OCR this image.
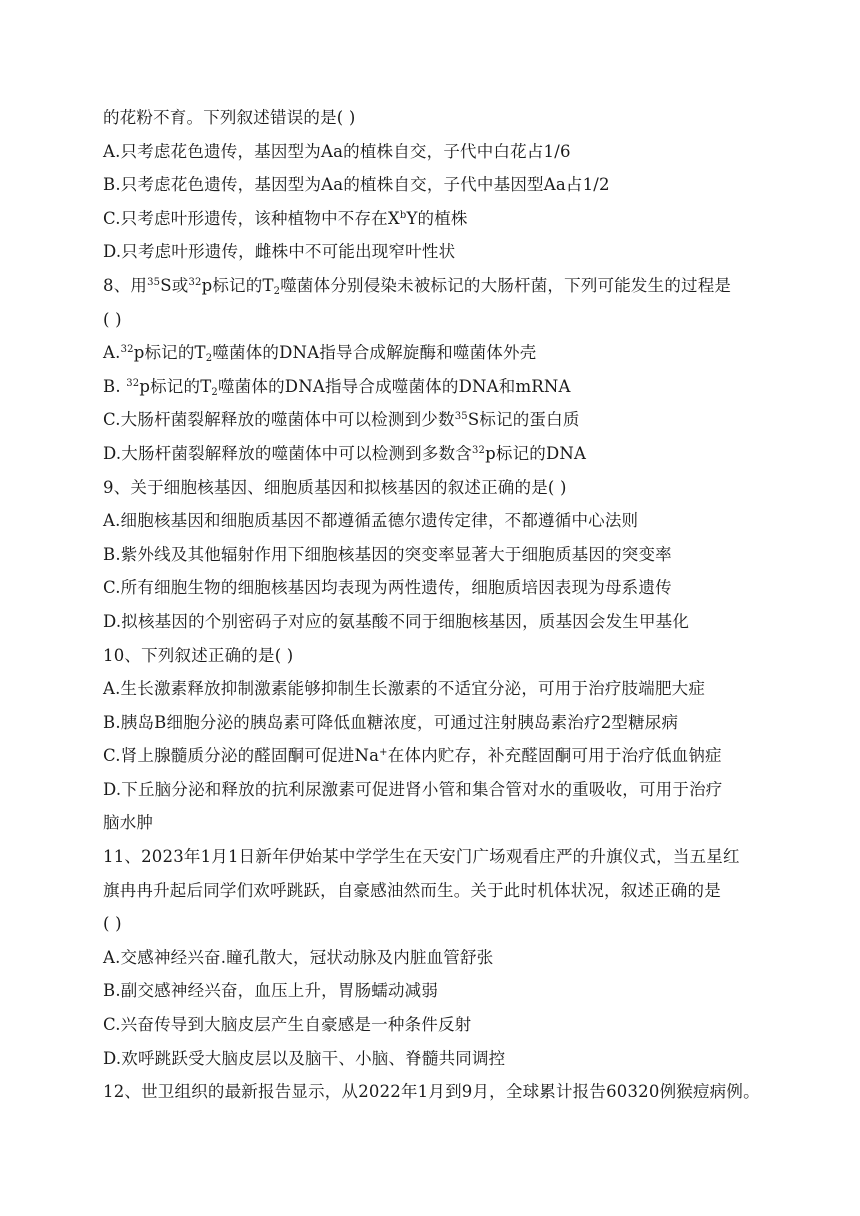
的花粉不育。下列叙述错误的是( )
A.只考虑花色遗传，基因型为Aa的植株自交，子代中白花占1/6
B.只考虑花色遗传，基因型为Aa的植株自交，子代中基因型Aa占1/2
C.只考虑叶形遗传，该种植物中不存在$X^bY$的植株
D.只考虑叶形遗传，雌株中不可能出现窄叶性状
8、用$^{35}$S或$^{32}$p标记的$T_2$噬菌体分别侵染未被标记的大肠杆菌，下列可能发生的过程是
( )
A.$^{32}$p标记的$T_2$噬菌体的DNA指导合成解旋酶和噬菌体外壳
B. $^{32}$p标记的$T_2$噬菌体的DNA指导合成噬菌体的DNA和mRNA
C.大肠杆菌裂解释放的噬菌体中可以检测到少数$^{35}$S标记的蛋白质
D.大肠杆菌裂解释放的噬菌体中可以检测到多数含$^{32}$p标记的DNA
9、关于细胞核基因、细胞质基因和拟核基因的叙述正确的是( )
A.细胞核基因和细胞质基因不都遵循孟德尔遗传定律，不都遵循中心法则
B.紫外线及其他辐射作用下细胞核基因的突变率显著大于细胞质基因的突变率
C.所有细胞生物的细胞核基因均表现为两性遗传，细胞质培因表现为母系遗传
D.拟核基因的个别密码子对应的氨基酸不同于细胞核基因，质基因会发生甲基化
10、下列叙述正确的是( )
A.生长激素释放抑制激素能够抑制生长激素的不适宜分泌，可用于治疗肢端肥大症
B.胰岛B细胞分泌的胰岛素可降低血糖浓度，可通过注射胰岛素治疗2型糖尿病
C.肾上腺髓质分泌的醛固酮可促进Na+在体内贮存，补充醛固酮可用于治疗低血钠症
D.下丘脑分泌和释放的抗利尿激素可促进肾小管和集合管对水的重吸收，可用于治疗
脑水肿
11、2023年1月1日新年伊始某中学学生在天安门广场观看庄严的升旗仪式，当五星红
旗冉冉升起后同学们欢呼跳跃，自豪感油然而生。关于此时机体状况，叙述正确的是
( )
A.交感神经兴奋.瞳孔散大，冠状动脉及内脏血管舒张
B.副交感神经兴奋，血压上升，胃肠蠕动减弱
C.兴奋传导到大脑皮层产生自豪感是一种条件反射
D.欢呼跳跃受大脑皮层以及脑干、小脑、脊髓共同调控
12、世卫组织的最新报告显示，从2022年1月到9月，全球累计报告60320例猴痘病例。
